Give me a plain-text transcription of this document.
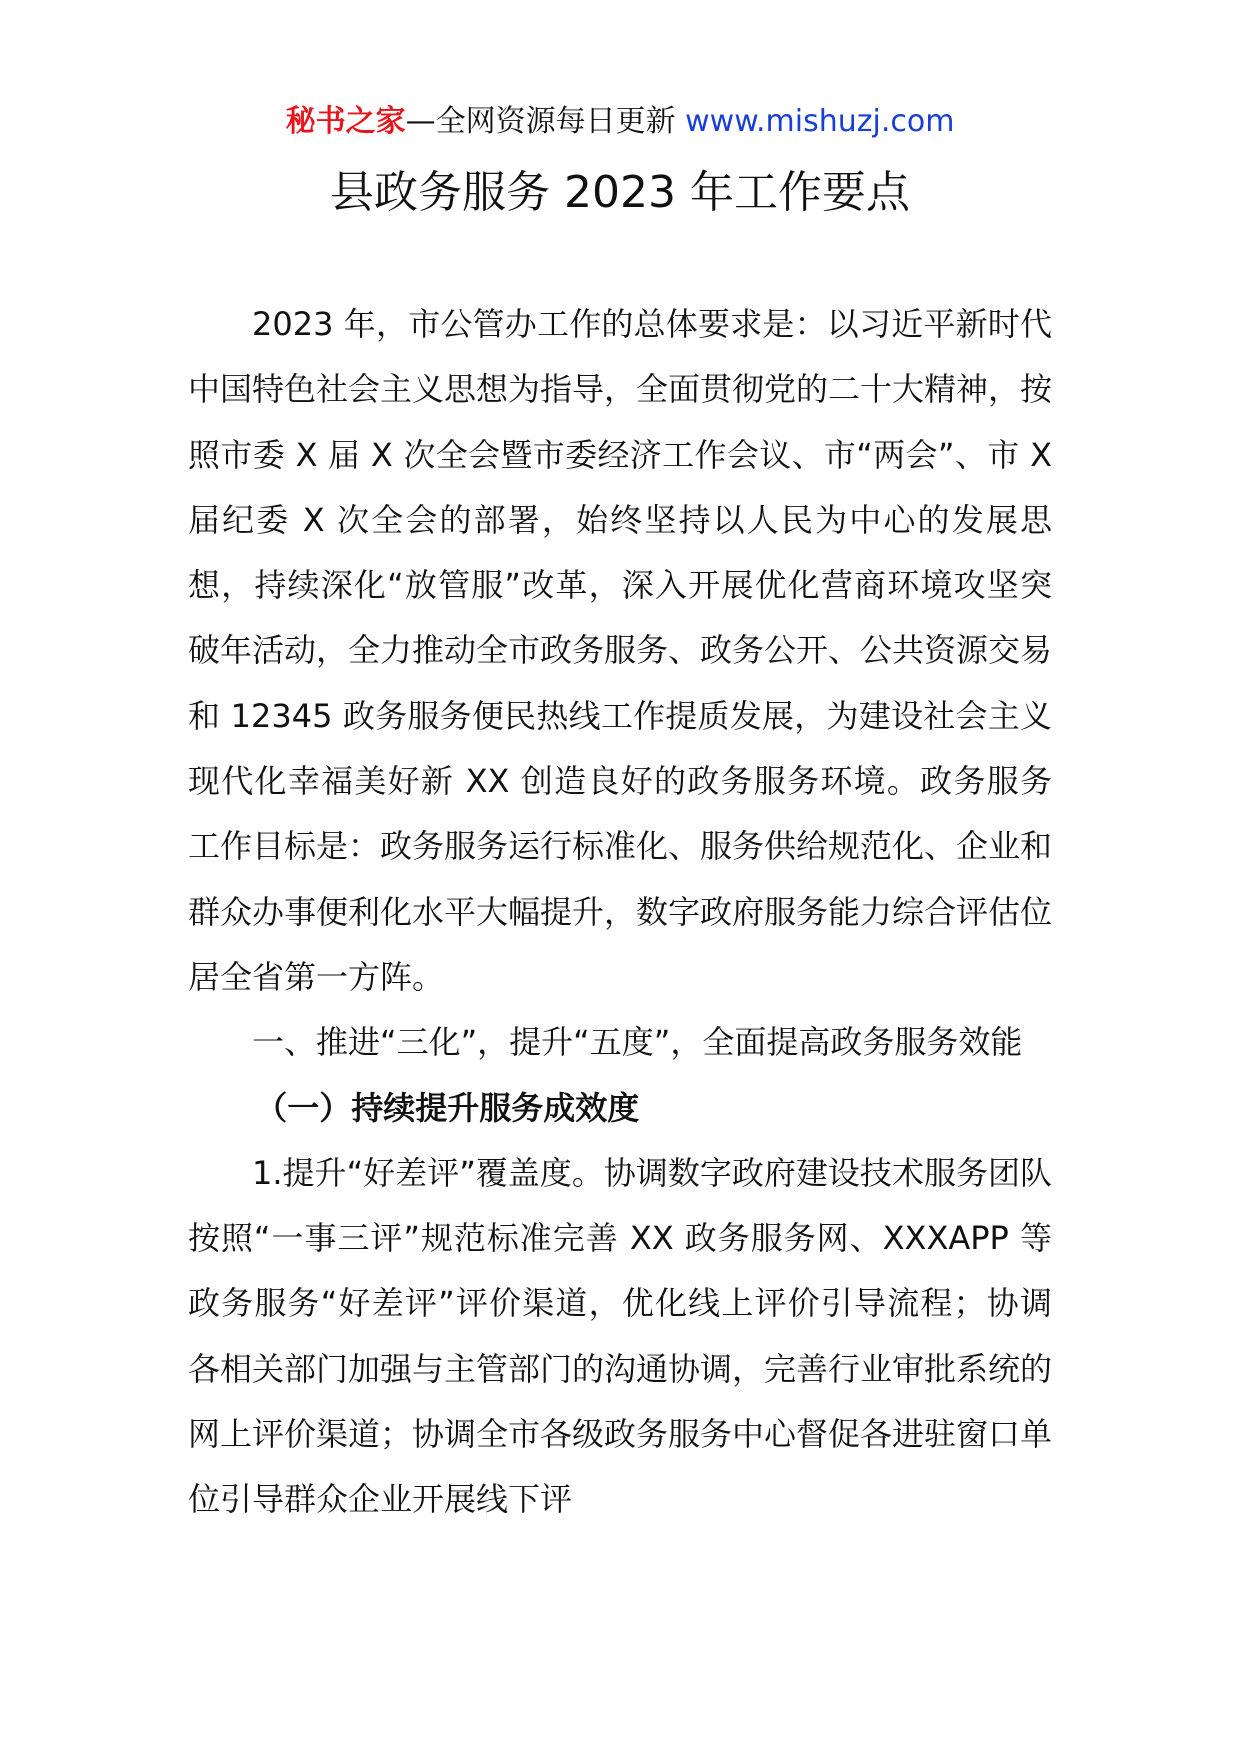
秘书之家—全网资源每日更新 www.mishuzj.com
县政务服务 2023 年工作要点

2023 年，市公管办工作的总体要求是：以习近平新时代中国特色社会主义思想为指导，全面贯彻党的二十大精神，按照市委 X 届 X 次全会暨市委经济工作会议、市“两会”、市 X 届纪委 X 次全会的部署，始终坚持以人民为中心的发展思想，持续深化“放管服”改革，深入开展优化营商环境攻坚突破年活动，全力推动全市政务服务、政务公开、公共资源交易和 12345 政务服务便民热线工作提质发展，为建设社会主义现代化幸福美好新 XX 创造良好的政务服务环境。政务服务工作目标是：政务服务运行标准化、服务供给规范化、企业和群众办事便利化水平大幅提升，数字政府服务能力综合评估位居全省第一方阵。

一、推进“三化”，提升“五度”，全面提高政务服务效能

（一）持续提升服务成效度

1.提升“好差评”覆盖度。协调数字政府建设技术服务团队按照“一事三评”规范标准完善 XX 政务服务网、XXXAPP 等政务服务“好差评”评价渠道，优化线上评价引导流程；协调各相关部门加强与主管部门的沟通协调，完善行业审批系统的网上评价渠道；协调全市各级政务服务中心督促各进驻窗口单位引导群众企业开展线下评
